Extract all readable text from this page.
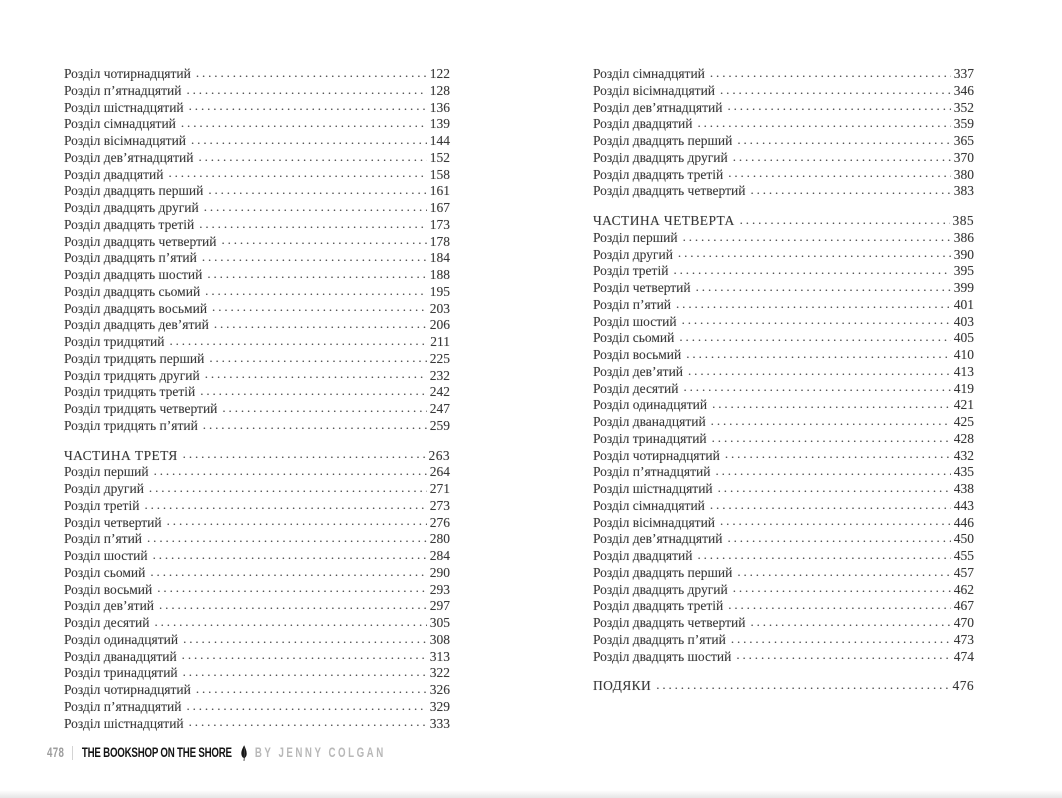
Розділ чотирнадцятий .....	122
Розділ п’ятнадцятий .....	128
Розділ шістнадцятий .....	136
Розділ сімнадцятий .....	139
Розділ вісімнадцятий .....	144
Розділ дев’ятнадцятий .....	152
Розділ двадцятий .....	158
Розділ двадцять перший .....	161
Розділ двадцять другий .....	167
Розділ двадцять третій .....	173
Розділ двадцять четвертий .....	178
Розділ двадцять п’ятий .....	184
Розділ двадцять шостий .....	188
Розділ двадцять сьомий .....	195
Розділ двадцять восьмий .....	203
Розділ двадцять дев’ятий .....	206
Розділ тридцятий .....	211
Розділ тридцять перший .....	225
Розділ тридцять другий .....	232
Розділ тридцять третій .....	242
Розділ тридцять четвертий .....	247
Розділ тридцять п’ятий .....	259
ЧАСТИНА ТРЕТЯ .....	263
Розділ перший .....	264
Розділ другий .....	271
Розділ третій .....	273
Розділ четвертий .....	276
Розділ п’ятий .....	280
Розділ шостий .....	284
Розділ сьомий .....	290
Розділ восьмий .....	293
Розділ дев’ятий .....	297
Розділ десятий .....	305
Розділ одинадцятий .....	308
Розділ дванадцятий .....	313
Розділ тринадцятий .....	322
Розділ чотирнадцятий .....	326
Розділ п’ятнадцятий .....	329
Розділ шістнадцятий .....	333
Розділ сімнадцятий .....	337
Розділ вісімнадцятий .....	346
Розділ дев’ятнадцятий .....	352
Розділ двадцятий .....	359
Розділ двадцять перший .....	365
Розділ двадцять другий .....	370
Розділ двадцять третій .....	380
Розділ двадцять четвертий .....	383
ЧАСТИНА ЧЕТВЕРТА .....	385
Розділ перший .....	386
Розділ другий .....	390
Розділ третій .....	395
Розділ четвертий .....	399
Розділ п’ятий .....	401
Розділ шостий .....	403
Розділ сьомий .....	405
Розділ восьмий .....	410
Розділ дев’ятий .....	413
Розділ десятий .....	419
Розділ одинадцятий .....	421
Розділ дванадцятий .....	425
Розділ тринадцятий .....	428
Розділ чотирнадцятий .....	432
Розділ п’ятнадцятий .....	435
Розділ шістнадцятий .....	438
Розділ сімнадцятий .....	443
Розділ вісімнадцятий .....	446
Розділ дев’ятнадцятий .....	450
Розділ двадцятий .....	455
Розділ двадцять перший .....	457
Розділ двадцять другий .....	462
Розділ двадцять третій .....	467
Розділ двадцять четвертий .....	470
Розділ двадцять п’ятий .....	473
Розділ двадцять шостий .....	474
ПОДЯКИ .....	476
478 THE BOOKSHOP ON THE SHORE BY JENNY COLGAN
